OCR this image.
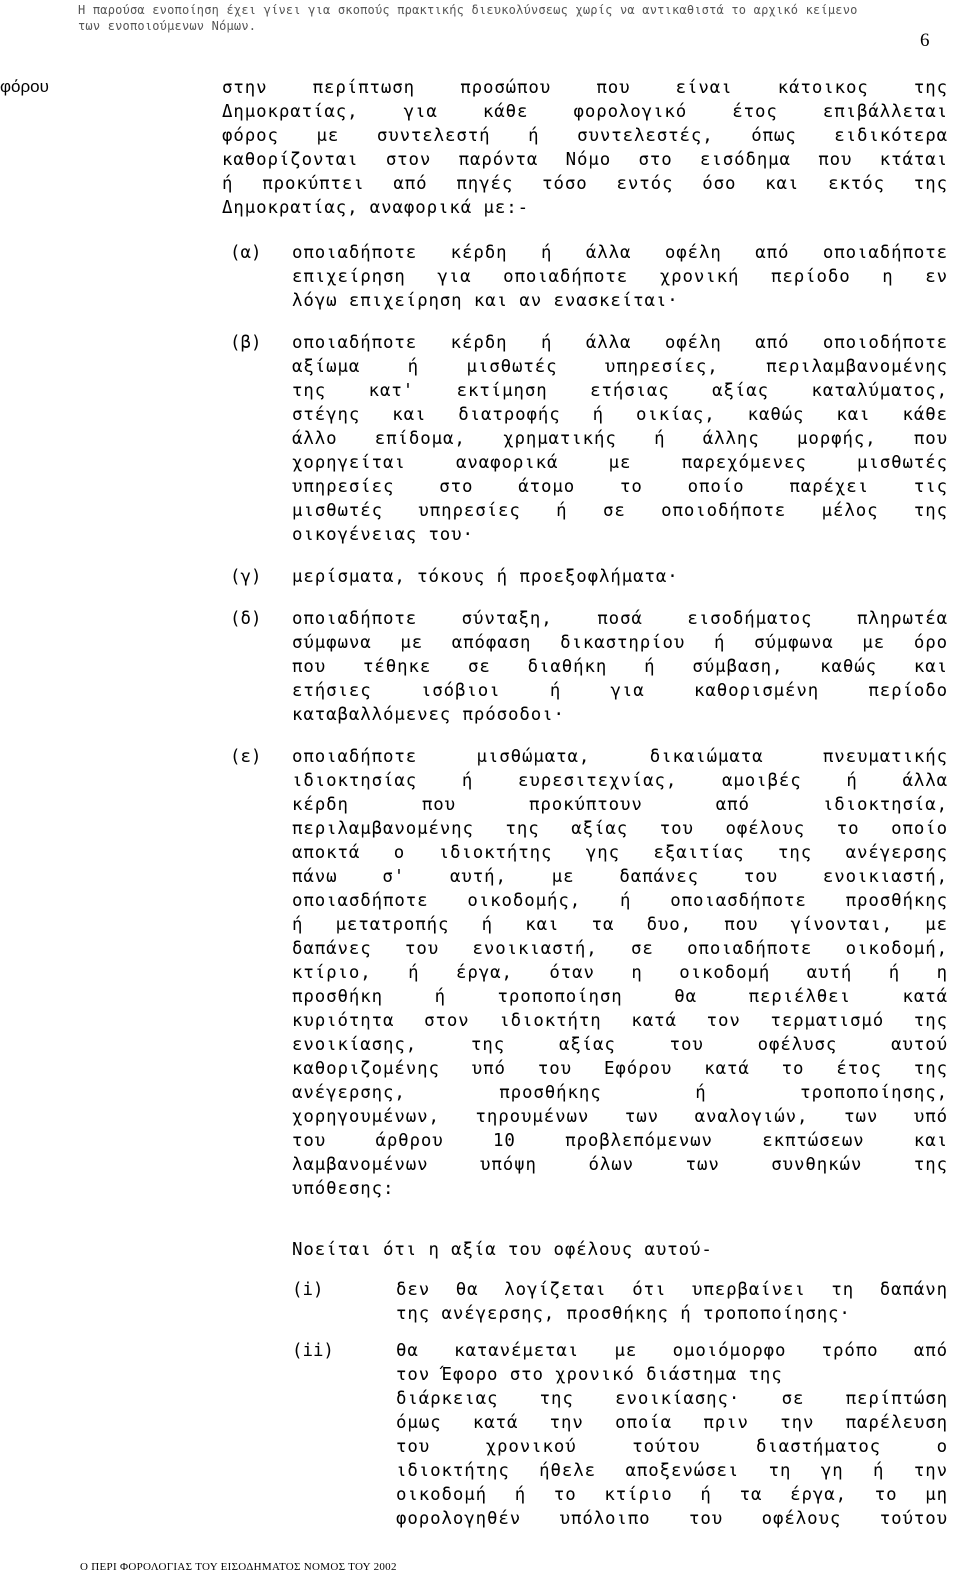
Η παρούσα ενοποίηση έχει γίνει για σκοπούς πρακτικής διευκολύνσεως χωρίς να αντικαθιστά το αρχικό κείμενο των ενοποιούμενων Νόμων.
6
φόρου	στην περίπτωση προσώπου που είναι κάτοικος της
Δημοκρατίας, για κάθε φορολογικό έτος επιβάλλεται
φόρος με συντελεστή ή συντελεστές, όπως ειδικότερα
καθορίζονται στον παρόντα Νόμο στο εισόδημα που κτάται
ή προκύπτει από πηγές τόσο εντός όσο και εκτός της
Δημοκρατίας, αναφορικά με:-
(α) οποιαδήποτε κέρδη ή άλλα οφέλη από οποιαδήποτε
επιχείρηση για οποιαδήποτε χρονική περίοδο η εν
λόγω επιχείρηση και αν ενασκείται·
(β) οποιαδήποτε κέρδη ή άλλα οφέλη από οποιοδήποτε
αξίωμα ή μισθωτές υπηρεσίες, περιλαμβανομένης
της κατ' εκτίμηση ετήσιας αξίας καταλύματος,
στέγης και διατροφής ή οικίας, καθώς και κάθε
άλλο επίδομα, χρηματικής ή άλλης μορφής, που
χορηγείται αναφορικά με παρεχόμενες μισθωτές
υπηρεσίες στο άτομο το οποίο παρέχει τις
μισθωτές υπηρεσίες ή σε οποιοδήποτε μέλος της
οικογένειας του·
(γ) μερίσματα, τόκους ή προεξοφλήματα·
(δ) οποιαδήποτε σύνταξη, ποσά εισοδήματος πληρωτέα
σύμφωνα με απόφαση δικαστηρίου ή σύμφωνα με όρο
που τέθηκε σε διαθήκη ή σύμβαση, καθώς και
ετήσιες ισόβιοι ή για καθορισμένη περίοδο
καταβαλλόμενες πρόσοδοι·
(ε) οποιαδήποτε μισθώματα, δικαιώματα πνευματικής
ιδιοκτησίας ή ευρεσιτεχνίας, αμοιβές ή άλλα
κέρδη που προκύπτουν από ιδιοκτησία,
περιλαμβανομένης της αξίας του οφέλους το οποίο
αποκτά ο ιδιοκτήτης γης εξαιτίας της ανέγερσης
πάνω σ' αυτή, με δαπάνες του ενοικιαστή,
οποιασδήποτε οικοδομής, ή οποιασδήποτε προσθήκης
ή μετατροπής ή και τα δυο, που γίνονται, με
δαπάνες του ενοικιαστή, σε οποιαδήποτε οικοδομή,
κτίριο, ή έργα, όταν η οικοδομή αυτή ή η
προσθήκη ή τροποποίηση θα περιέλθει κατά
κυριότητα στον ιδιοκτήτη κατά τον τερματισμό της
ενοικίασης, της αξίας του οφέλυσς αυτού
καθοριζομένης υπό του Εφόρου κατά το έτος της
ανέγερσης, προσθήκης ή τροποποίησης,
χορηγουμένων, τηρουμένων των αναλογιών, των υπό
του άρθρου 10 προβλεπόμενων εκπτώσεων και
λαμβανομένων υπόψη όλων των συνθηκών της
υπόθεσης:
Νοείται ότι η αξία του οφέλους αυτού-
(i)	δεν θα λογίζεται ότι υπερβαίνει τη δαπάνη
της ανέγερσης, προσθήκης ή τροποποίησης·
(ii)	θα κατανέμεται με ομοιόμορφο τρόπο από
τον Έφορο στο χρονικό διάστημα της
διάρκειας της ενοικίασης· σε περίπτώση
όμως κατά την οποία πριν την παρέλευση
του χρονικού τούτου διαστήματος ο
ιδιοκτήτης ήθελε αποξενώσει τη γη ή την
οικοδομή ή το κτίριο ή τα έργα, το μη
φορολογηθέν υπόλοιπο του οφέλους τούτου
Ο ΠΕΡΙ ΦΟΡΟΛΟΓΙΑΣ ΤΟΥ ΕΙΣΟΔΗΜΑΤΟΣ ΝΟΜΟΣ ΤΟΥ 2002
